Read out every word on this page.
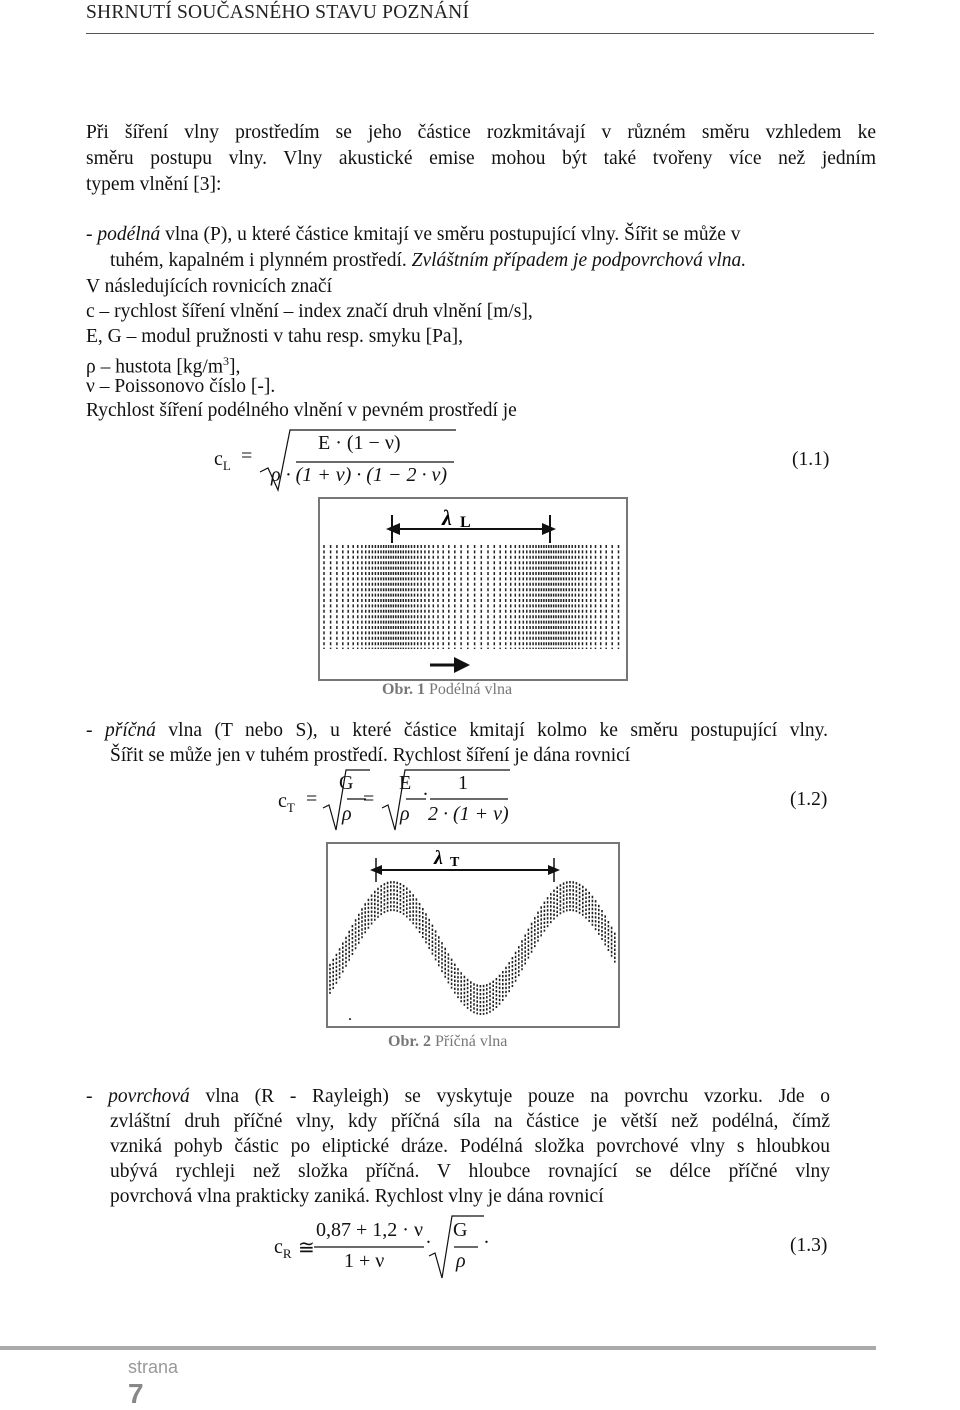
SHRNUTÍ SOUČASNÉHO STAVU POZNÁNÍ
Při šíření vlny prostředím se jeho částice rozkmitávají v různém směru vzhledem ke
směru postupu vlny. Vlny akustické emise mohou být také tvořeny více než jedním
typem vlnění [3]:
- podélná vlna (P), u které částice kmitají ve směru postupující vlny. Šířit se může v
tuhém, kapalném i plynném prostředí. Zvláštním případem je podpovrchová vlna.
V následujících rovnicích značí
c – rychlost šíření vlnění – index značí druh vlnění [m/s],
E, G – modul pružnosti v tahu resp. smyku [Pa],
ρ – hustota $[kg/m^3]$,
ν – Poissonovo číslo [-].
Rychlost šíření podélného vlnění v pevném prostředí je
$c_L$ =
E · (1 − ν)
ρ · (1 + ν) · (1 − 2 · ν)
(1.1)
λ L
Obr. 1 Podélná vlna
- příčná vlna (T nebo S), u které částice kmitají kolmo ke směru postupující vlny.
Šířit se může jen v tuhém prostředí. Rychlost šíření je dána rovnicí
$c_T$ =
G
ρ
=
E
ρ
. 1
2 · (1 + ν)
(1.2)
λ T
.
Obr. 2 Příčná vlna
- povrchová vlna (R - Rayleigh) se vyskytuje pouze na povrchu vzorku. Jde o
zvláštní druh příčné vlny, kdy příčná síla na částice je větší než podélná, čímž
vzniká pohyb částic po eliptické dráze. Podélná složka povrchové vlny s hloubkou
ubývá rychleji než složka příčná. V hloubce rovnající se délce příčné vlny
povrchová vlna prakticky zaniká. Rychlost vlny je dána rovnicí
$c_R$ ≅
0,87 + 1,2 · ν
1 + ν
. G
ρ
.	(1.3)
strana
7
